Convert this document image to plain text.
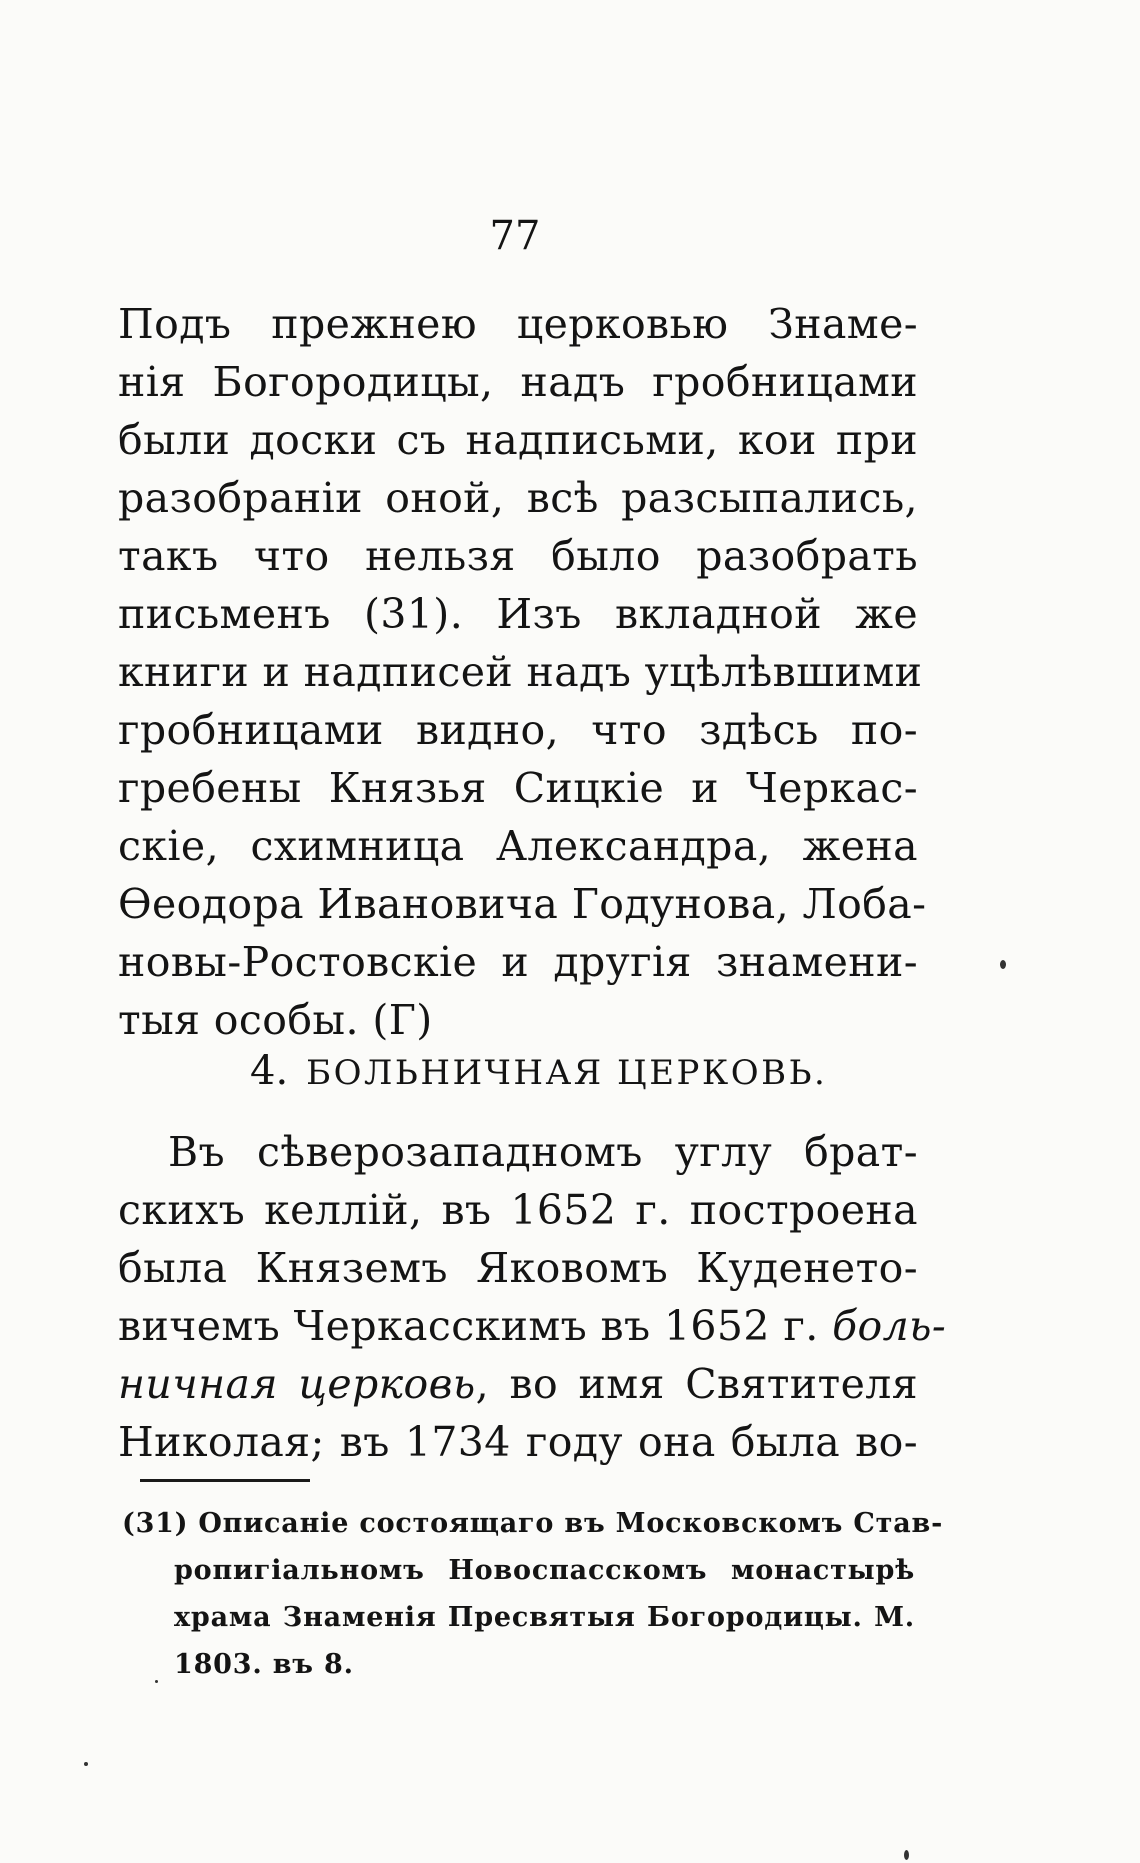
77
Подъ прежнею церковью Знаме-
нія Богородицы, надъ гробницами
были доски съ надписьми, кои при
разобраніи оной, всѣ разсыпались,
такъ что нельзя было разобрать
письменъ (31). Изъ вкладной же
книги и надписей надъ уцѣлѣвшими
гробницами видно, что здѣсь по-
гребены Князья Сицкіе и Черкас-
скіе, схимница Александра, жена
Ѳеодора Ивановича Годунова, Лоба-
новы-Ростовскіе и другія знамени-
тыя особы. (Г)
4. БОЛЬНИЧНАЯ ЦЕРКОВЬ.
Въ сѣверозападномъ углу брат-
скихъ келлій, въ 1652 г. построена
была Княземъ Яковомъ Куденето-
вичемъ Черкасскимъ въ 1652 г. боль-
ничная церковь, во имя Святителя
Николая; въ 1734 году она была во-
(31) Описаніе состоящаго въ Московскомъ Став-
ропигіальномъ Новоспасскомъ монастырѣ
храма Знаменія Пресвятыя Богородицы. М.
1803. въ 8.
